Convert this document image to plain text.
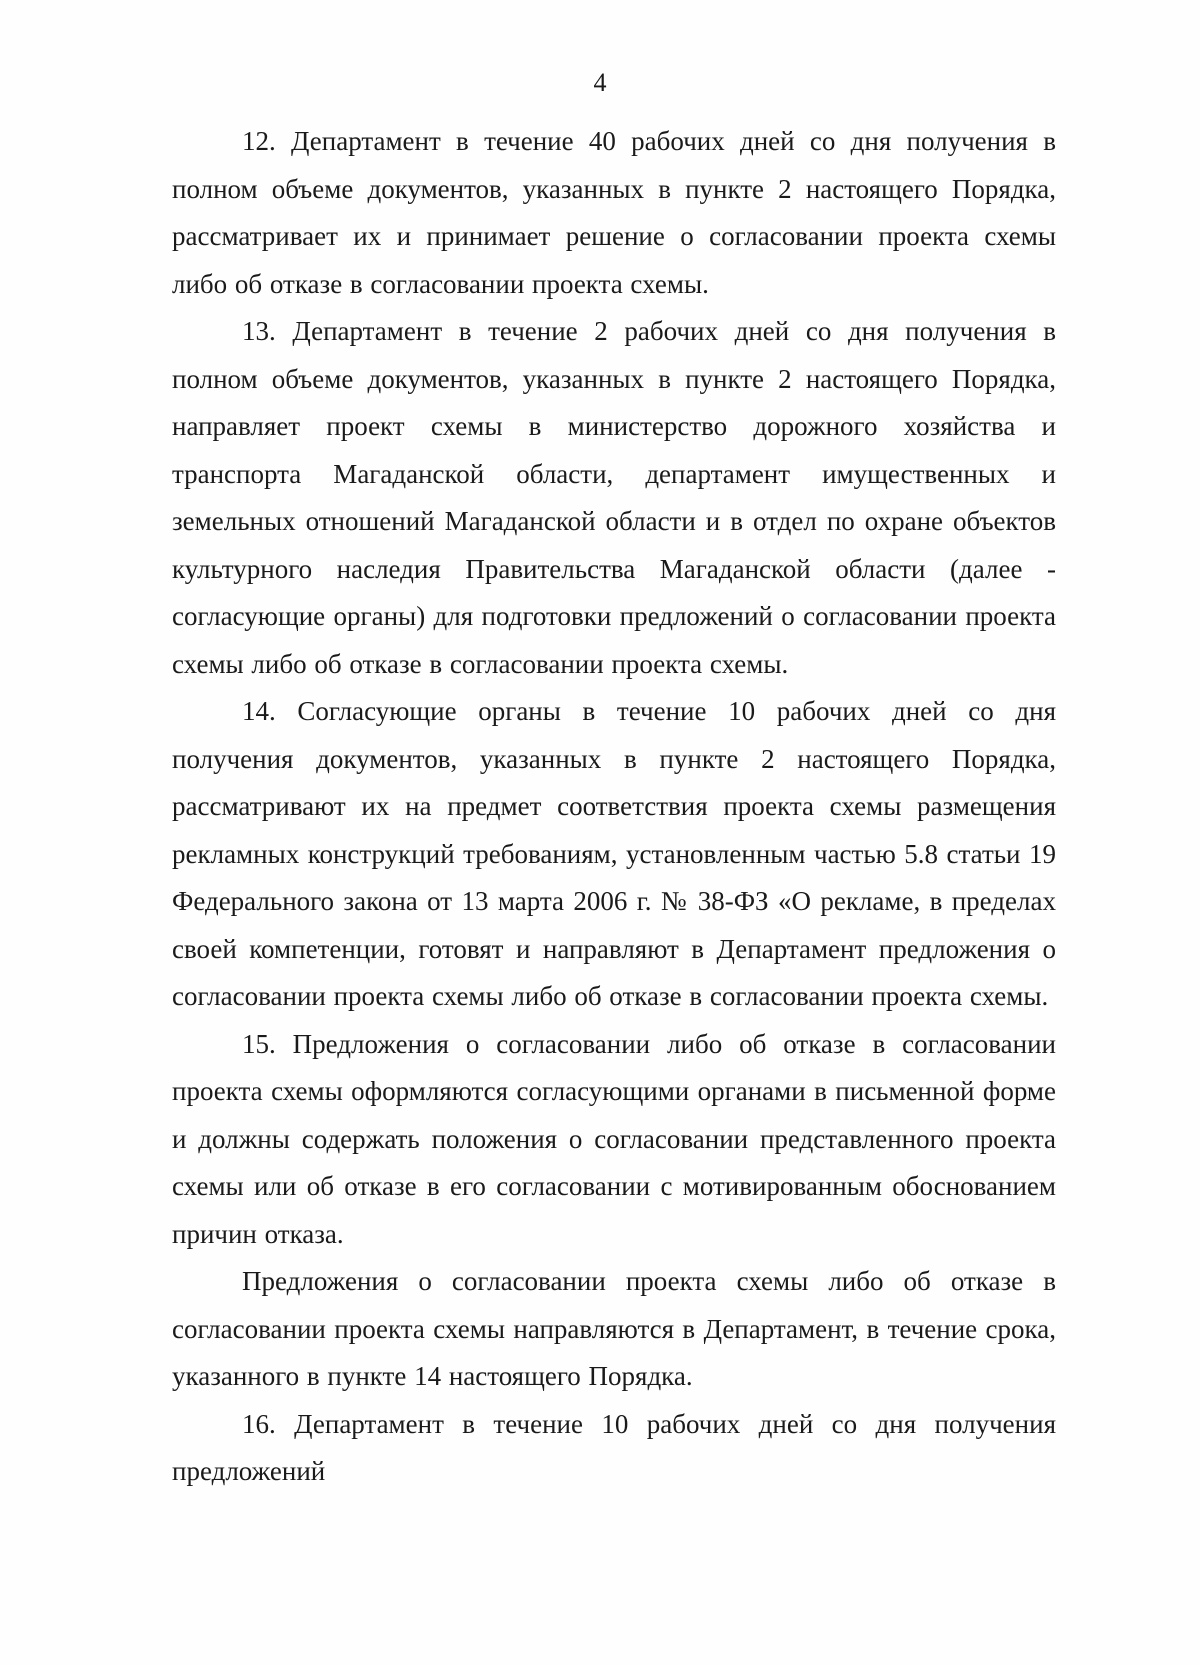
4

12. Департамент в течение 40 рабочих дней со дня получения в полном объеме документов, указанных в пункте 2 настоящего Порядка, рассматривает их и принимает решение о согласовании проекта схемы либо об отказе в согласовании проекта схемы.

13. Департамент в течение 2 рабочих дней со дня получения в полном объеме документов, указанных в пункте 2 настоящего Порядка, направляет проект схемы в министерство дорожного хозяйства и транспорта Магаданской области, департамент имущественных и земельных отношений Магаданской области и в отдел по охране объектов культурного наследия Правительства Магаданской области (далее - согласующие органы) для подготовки предложений о согласовании проекта схемы либо об отказе в согласовании проекта схемы.

14. Согласующие органы в течение 10 рабочих дней со дня получения документов, указанных в пункте 2 настоящего Порядка, рассматривают их на предмет соответствия проекта схемы размещения рекламных конструкций требованиям, установленным частью 5.8 статьи 19 Федерального закона от 13 марта 2006 г. № 38-ФЗ «О рекламе, в пределах своей компетенции, готовят и направляют в Департамент предложения о согласовании проекта схемы либо об отказе в согласовании проекта схемы.

15. Предложения о согласовании либо об отказе в согласовании проекта схемы оформляются согласующими органами в письменной форме и должны содержать положения о согласовании представленного проекта схемы или об отказе в его согласовании с мотивированным обоснованием причин отказа.

Предложения о согласовании проекта схемы либо об отказе в согласовании проекта схемы направляются в Департамент, в течение срока, указанного в пункте 14 настоящего Порядка.

16. Департамент в течение 10 рабочих дней со дня получения предложений
